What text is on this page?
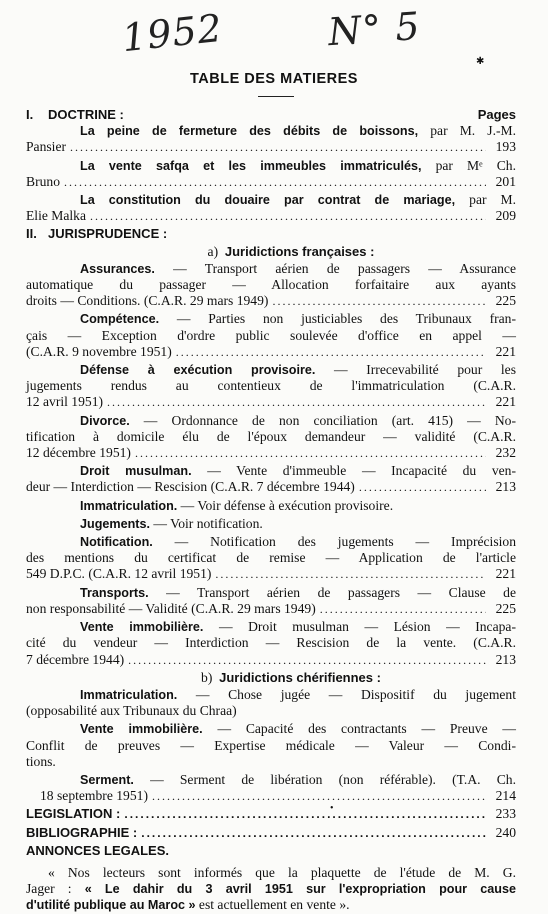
1952	N° 5
✱
TABLE DES MATIERES
I.	DOCTRINE :	Pages
La peine de fermeture des débits de boissons, par M. J.-M.
Pansier .....	193
La vente safqa et les immeubles immatriculés, par Mᵉ Ch.
Bruno .....	201
La constitution du douaire par contrat de mariage, par M.
Elie Malka .....	209
II. JURISPRUDENCE :
a) Juridictions françaises :
Assurances. — Transport aérien de passagers — Assurance
automatique du passager — Allocation forfaitaire aux ayants
droits — Conditions. (C.A.R. 29 mars 1949) .....	225
Compétence. — Parties non justiciables des Tribunaux fran-
çais — Exception d'ordre public soulevée d'office en appel —
(C.A.R. 9 novembre 1951) .....	221
Défense à exécution provisoire. — Irrecevabilité pour les
jugements rendus au contentieux de l'immatriculation (C.A.R.
12 avril 1951) .....	221
Divorce. — Ordonnance de non conciliation (art. 415) — No-
tification à domicile élu de l'époux demandeur — validité (C.A.R.
12 décembre 1951) .....	232
Droit musulman. — Vente d'immeuble — Incapacité du ven-
deur — Interdiction — Rescision (C.A.R. 7 décembre 1944) .....	213
Immatriculation. — Voir défense à exécution provisoire.
Jugements. — Voir notification.
Notification. — Notification des jugements — Imprécision
des mentions du certificat de remise — Application de l'article
549 D.P.C. (C.A.R. 12 avril 1951) .....	221
Transports. — Transport aérien de passagers — Clause de
non responsabilité — Validité (C.A.R. 29 mars 1949) .....	225
Vente immobilière. — Droit musulman — Lésion — Incapa-
cité du vendeur — Interdiction — Rescision de la vente. (C.A.R.
7 décembre 1944) .....	213
b) Juridictions chérifiennes :
Immatriculation. — Chose jugée — Dispositif du jugement
(opposabilité aux Tribunaux du Chraa)
Vente immobilière. — Capacité des contractants — Preuve —
Conflit de preuves — Expertise médicale — Valeur — Condi-
tions.
Serment. — Serment de libération (non référable). (T.A. Ch.
18 septembre 1951) .....	214
LEGISLATION : .....	233
BIBLIOGRAPHIE : .....	240
ANNONCES LEGALES.
« Nos lecteurs sont informés que la plaquette de l'étude de M. G.
Jager : « Le dahir du 3 avril 1951 sur l'expropriation pour cause
d'utilité publique au Maroc » est actuellement en vente ».
•
